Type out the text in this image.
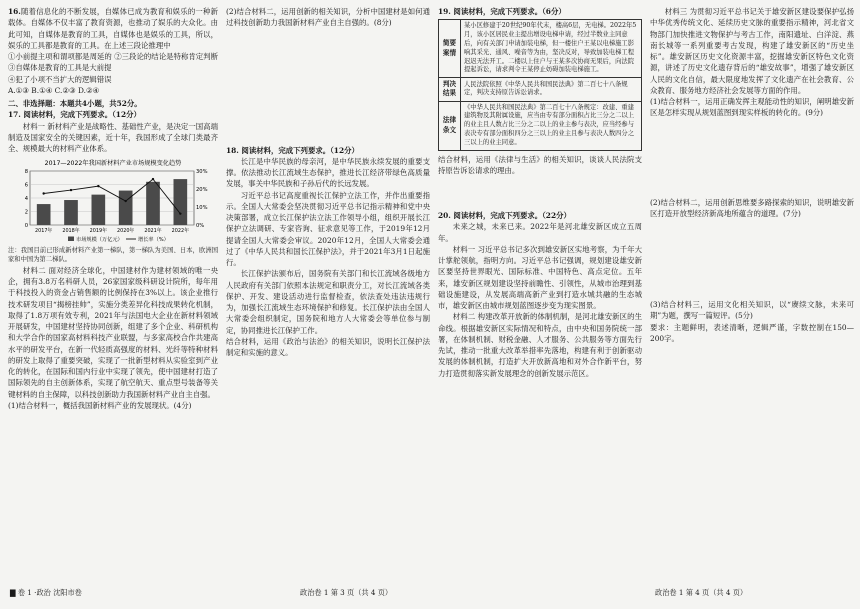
16.随着信息化的不断发展，自媒体已成为教育和娱乐的一种新载体。自媒体不仅丰富了教育资源，也推动了娱乐的大众化。由此可知，自媒体是教育的工具，自媒体也是娱乐的工具，所以，娱乐的工具都是教育的工具。在上述三段论推理中

①小前提主项和谓项都是周延的 ②三段论的结论是特称肯定判断 ③自媒体是教育的工具是大前提

④犯了小项不当扩大的逻辑错误

A.①③ B.①④ C.②③ D.②④

二、非选择题：本题共4小题，共52分。

17. 阅读材料，完成下列要求。（12分）

材料一 新材料产业是战略性、基础性产业，是决定一国高端制造及国家安全的关键因素，近十年，我国形成了全球门类最齐全、规模最大的材料产业体系。

2017—2022年我国新材料产业市场规模变化趋势
0
2
4
6
8
0%
10%
20%
30%
2017年 2018年 2019年 2020年 2021年 2022年
市场规模（万亿元）	增长率（%）

注：我国目前已形成新材料产业第一梯队，第一梯队为美国、日本，欧洲国家和中国为第二梯队。

材料二 面对经济全球化，中国建材作为建材领域的唯一央企，拥有3.8万名科研人员，26家国家级科研设计院所，每年用于科技投入的资金占销售额的比例保持在3%以上。该企业推行技术研发项目“揭榜挂帅”，实施分类差异化科技成果转化机制，取得了1.8万项有效专利，2021年与法国电大企业在新材料领域开展研发，中国建材坚持协同创新，组建了多个企业、科研机构和大学合作的国家高材料科技产业联盟，与多家高校合作共建高水平的研发平台，在新一代轻质高强度的材料、光纤等特种材料的研发上取得了重要突破，实现了一批新型材料从实验室到产业化的转化，在国际和国内行业中实现了领先，使中国建材打造了国际领先的自主创新体系，实现了航空航天、重点型号装备等关键材料的自主保障，以科技创新助力我国新材料产业自主自强。

(1)结合材料一，概括我国新材料产业的发展现状。(4分)

(2)结合材料二，运用创新的相关知识，分析中国建材是如何通过科技创新助力我国新材料产业自主自强的。(8分)

18. 阅读材料，完成下列要求。（12分）

长江是中华民族的母亲河，是中华民族永续发展的重要支撑。依法推动长江流域生态保护，推进长江经济带绿色高质量发展，事关中华民族和子孙后代的长远发展。

习近平总书记高度重视长江保护立法工作，并作出重要指示。全国人大常委会坚决贯彻习近平总书记指示精神和党中央决策部署，成立长江保护法立法工作领导小组，组织开展长江保护立法调研、专家咨询、征求意见等工作，于2019年12月提请全国人大常委会审议。2020年12月，全国人大常委会通过了《中华人民共和国长江保护法》，并于2021年3月1日起施行。

长江保护法颁布后，国务院有关部门和长江流域各级地方人民政府有关部门依照本法规定和职责分工，对长江流域各类保护、开发、建设活动进行监督检查，依法查处违法违规行为，加强长江流域生态环境保护和修复。长江保护法由全国人大常委会组织制定，国务院和地方人大常委会等单位参与制定，协同推进长江保护工作。

结合材料，运用《政治与法治》的相关知识，说明长江保护法制定和实施的意义。

19. 阅读材料，完成下列要求。（6分）

简要案情	某小区修建于20世纪90年代末，楼高6层，无电梯。2022年5月，该小区居民业主提出增设电梯申请，经过半数业主同意后，向有关部门申请加装电梯，但一楼住户王某以电梯施工影响其采光、通风、噪音等为由，坚决反对，导致加装电梯工程迟迟无法开工。二楼以上住户与王某多次协商无果后，向法院提起诉讼，请求判令王某停止妨碍加装电梯施工。
判决结果	人民法院依照《中华人民共和国民法典》第二百七十八条规定，判决支持原告诉讼请求。
法律条文	《中华人民共和国民法典》第二百七十八条规定：改建、重建建筑物及其附属设施，应当由专有部分面积占比三分之二以上的业主且人数占比三分之二以上的业主参与表决，应当经参与表决专有部分面积四分之三以上的业主且参与表决人数四分之三以上的业主同意。

结合材料，运用《法律与生活》的相关知识，谈谈人民法院支持原告诉讼请求的理由。

20. 阅读材料，完成下列要求。（22分）

未来之城，未来已来。2022年是河北雄安新区成立五周年。

材料一 习近平总书记多次到雄安新区实地考察，为千年大计掌舵领航，指明方向。习近平总书记强调，规划建设雄安新区要坚持世界眼光、国际标准、中国特色、高点定位。五年来，雄安新区规划建设坚持前瞻性、引领性，从城市治理到基础设施建设，从发展高端高新产业到打造水城共融的生态城市，雄安新区由城市规划蓝图逐步变为现实图景。

材料二 构建改革开放新的体制机制，是河北雄安新区的生命线。根据雄安新区实际情况和特点，由中央和国务院统一部署，在体制机制、财税金融、人才服务、公共服务等方面先行先试，推动一批重大改革举措率先落地，构建有利于创新驱动发展的体制机制，打造扩大开放新高地和对外合作新平台，努力打造贯彻落实新发展理念的创新发展示范区。

材料三 为贯彻习近平总书记关于雄安新区建设要保护弘扬中华优秀传统文化、延续历史文脉的重要指示精神，河北省文物部门加快推进文物保护与考古工作，南阳遗址、白洋淀、燕南长城等一系列重要考古发现，构建了雄安新区的“历史坐标”。雄安新区历史文化资源丰富，挖掘雄安新区特色文化资源，讲述了历史文化遗存背后的“雄安故事”，增强了雄安新区人民的文化自信，最大限度地发挥了文化遗产在社会教育、公众教育、服务地方经济社会发展等方面的作用。

(1)结合材料一，运用正确发挥主观能动性的知识，阐明雄安新区是怎样实现从规划蓝图到现实样板的转化的。(9分)

(2)结合材料二，运用创新思维要多路探索的知识，说明雄安新区打造开放型经济新高地所蕴含的道理。(7分)

(3)结合材料三，运用文化相关知识，以“赓续文脉，未来可期”为题，撰写一篇短评。(5分)

要求：主题鲜明，表述清晰，逻辑严谨，字数控制在150—200字。

▇ 卷 1 ·政治 沈阳市卷	政治卷 1 第 3 页（共 4 页）	政治卷 1 第 4 页（共 4 页）
